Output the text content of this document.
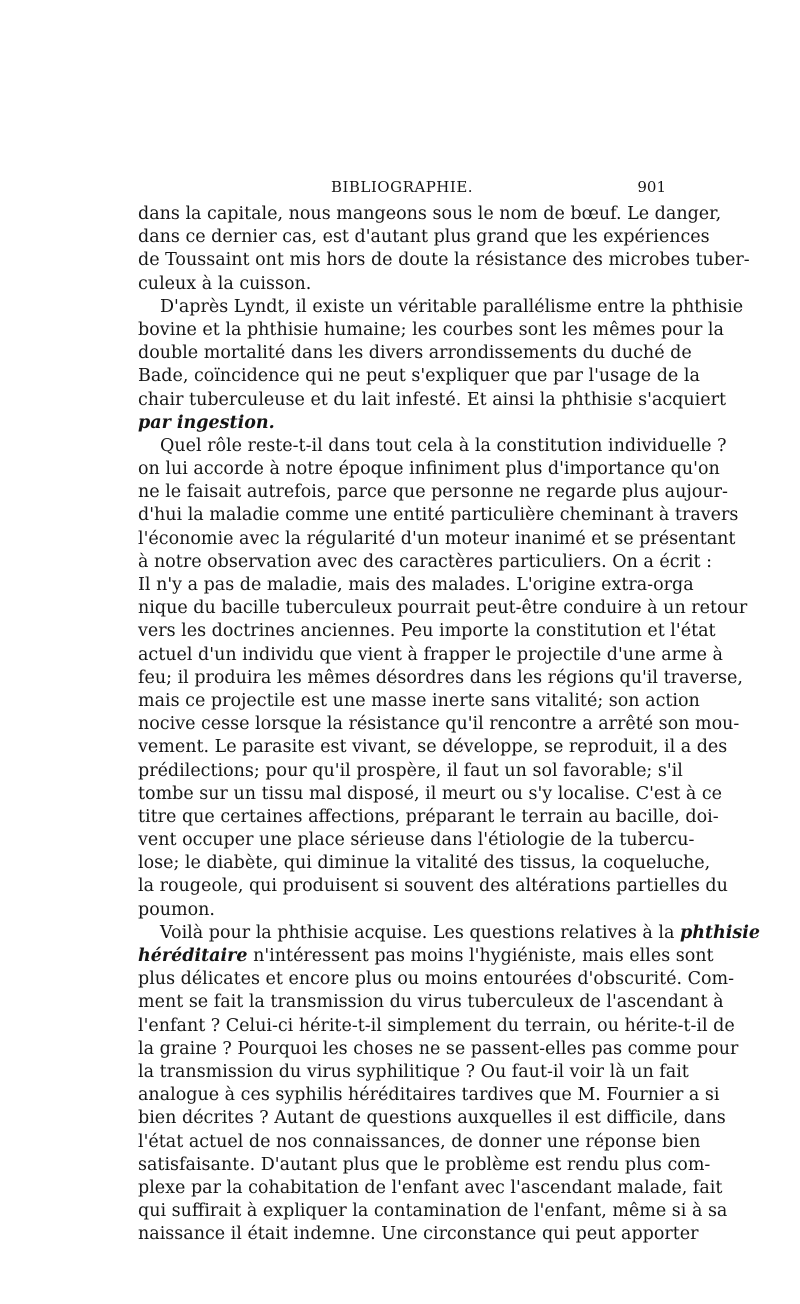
BIBLIOGRAPHIE.	901
dans la capitale, nous mangeons sous le nom de bœuf. Le danger,
dans ce dernier cas, est d'autant plus grand que les expériences
de Toussaint ont mis hors de doute la résistance des microbes tuber-
culeux à la cuisson.
D'après Lyndt, il existe un véritable parallélisme entre la phthisie
bovine et la phthisie humaine; les courbes sont les mêmes pour la
double mortalité dans les divers arrondissements du duché de
Bade, coïncidence qui ne peut s'expliquer que par l'usage de la
chair tuberculeuse et du lait infesté. Et ainsi la phthisie s'acquiert
par ingestion.
Quel rôle reste-t-il dans tout cela à la constitution individuelle ?
on lui accorde à notre époque infiniment plus d'importance qu'on
ne le faisait autrefois, parce que personne ne regarde plus aujour-
d'hui la maladie comme une entité particulière cheminant à travers
l'économie avec la régularité d'un moteur inanimé et se présentant
à notre observation avec des caractères particuliers. On a écrit :
Il n'y a pas de maladie, mais des malades. L'origine extra-orga
nique du bacille tuberculeux pourrait peut-être conduire à un retour
vers les doctrines anciennes. Peu importe la constitution et l'état
actuel d'un individu que vient à frapper le projectile d'une arme à
feu; il produira les mêmes désordres dans les régions qu'il traverse,
mais ce projectile est une masse inerte sans vitalité; son action
nocive cesse lorsque la résistance qu'il rencontre a arrêté son mou-
vement. Le parasite est vivant, se développe, se reproduit, il a des
prédilections; pour qu'il prospère, il faut un sol favorable; s'il
tombe sur un tissu mal disposé, il meurt ou s'y localise. C'est à ce
titre que certaines affections, préparant le terrain au bacille, doi-
vent occuper une place sérieuse dans l'étiologie de la tubercu-
lose; le diabète, qui diminue la vitalité des tissus, la coqueluche,
la rougeole, qui produisent si souvent des altérations partielles du
poumon.
Voilà pour la phthisie acquise. Les questions relatives à la phthisie
héréditaire n'intéressent pas moins l'hygiéniste, mais elles sont
plus délicates et encore plus ou moins entourées d'obscurité. Com-
ment se fait la transmission du virus tuberculeux de l'ascendant à
l'enfant ? Celui-ci hérite-t-il simplement du terrain, ou hérite-t-il de
la graine ? Pourquoi les choses ne se passent-elles pas comme pour
la transmission du virus syphilitique ? Ou faut-il voir là un fait
analogue à ces syphilis héréditaires tardives que M. Fournier a si
bien décrites ? Autant de questions auxquelles il est difficile, dans
l'état actuel de nos connaissances, de donner une réponse bien
satisfaisante. D'autant plus que le problème est rendu plus com-
plexe par la cohabitation de l'enfant avec l'ascendant malade, fait
qui suffirait à expliquer la contamination de l'enfant, même si à sa
naissance il était indemne. Une circonstance qui peut apporter
